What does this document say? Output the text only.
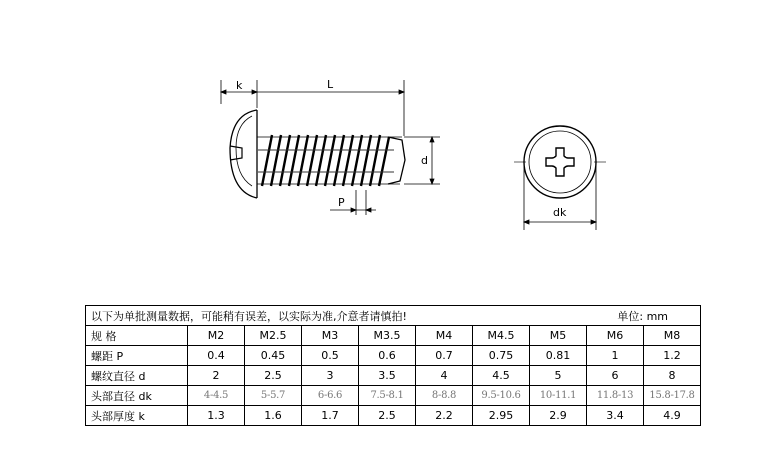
k	L
d
P
dk
以下为单批测量数据，可能稍有误差，以实际为准,介意者请慎拍! 单位: mm									

规 格	M2	M2.5	M3	M3.5	M4	M4.5	M5	M6	M8
螺距 P	0.4	0.45	0.5	0.6	0.7	0.75	0.81	1	1.2
螺纹直径 d	2	2.5	3	3.5	4	4.5	5	6	8
头部直径 dk	4-4.5	5-5.7	6-6.6	7.5-8.1	8-8.8	9.5-10.6	10-11.1	11.8-13	15.8-17.8
头部厚度 k	1.3	1.6	1.7	2.5	2.2	2.95	2.9	3.4	4.9
